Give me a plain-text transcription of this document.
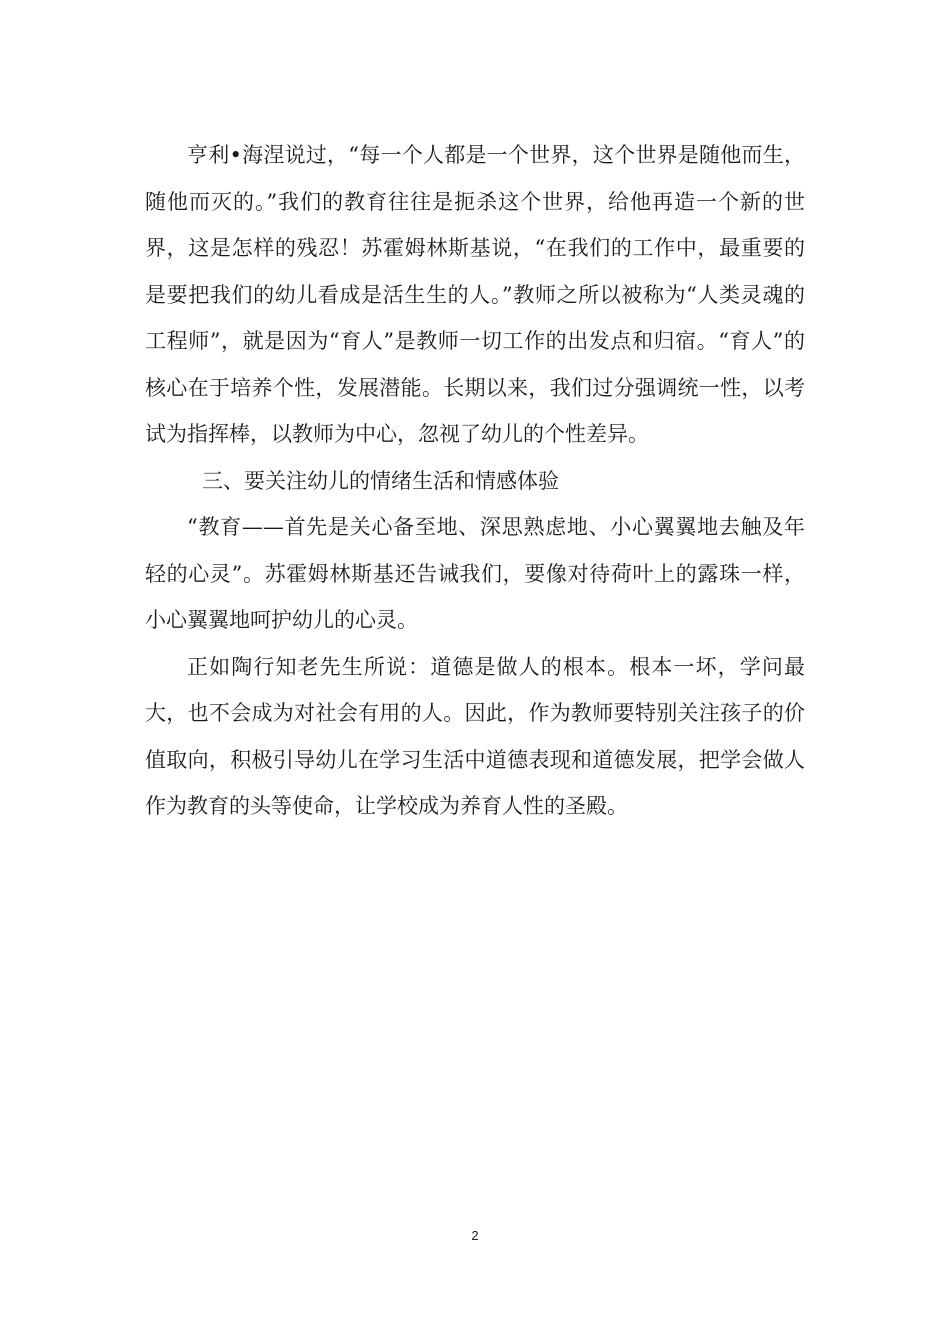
亨利•海涅说过，“每一个人都是一个世界，这个世界是随他而生，随他而灭的。”我们的教育往往是扼杀这个世界，给他再造一个新的世界，这是怎样的残忍！苏霍姆林斯基说，“在我们的工作中，最重要的是要把我们的幼儿看成是活生生的人。”教师之所以被称为“人类灵魂的工程师”，就是因为“育人”是教师一切工作的出发点和归宿。“育人”的核心在于培养个性，发展潜能。长期以来，我们过分强调统一性，以考试为指挥棒，以教师为中心，忽视了幼儿的个性差异。

三、要关注幼儿的情绪生活和情感体验

“教育——首先是关心备至地、深思熟虑地、小心翼翼地去触及年轻的心灵”。苏霍姆林斯基还告诫我们，要像对待荷叶上的露珠一样，小心翼翼地呵护幼儿的心灵。

正如陶行知老先生所说：道德是做人的根本。根本一坏，学问最大，也不会成为对社会有用的人。因此，作为教师要特别关注孩子的价值取向，积极引导幼儿在学习生活中道德表现和道德发展，把学会做人作为教育的头等使命，让学校成为养育人性的圣殿。

2
